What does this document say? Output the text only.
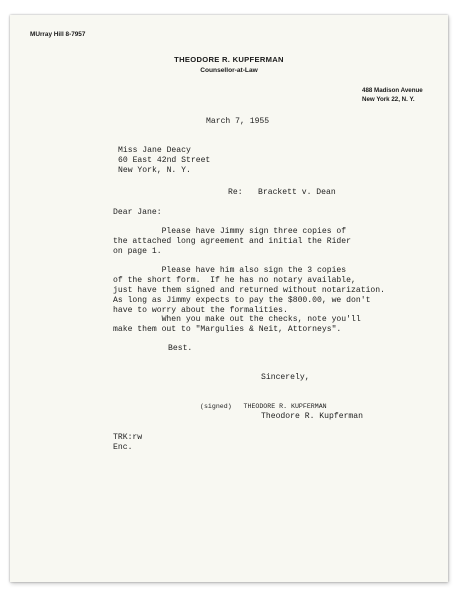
MUrray Hill 8-7957
THEODORE R. KUPFERMAN
Counsellor-at-Law
488 Madison Avenue
New York 22, N. Y.
March 7, 1955
Miss Jane Deacy
60 East 42nd Street
New York, N. Y.
Re: Brackett v. Dean
Dear Jane:
Please have Jimmy sign three copies of
the attached long agreement and initial the Rider
on page 1.
Please have him also sign the 3 copies
of the short form.  If he has no notary available,
just have them signed and returned without notarization.
As long as Jimmy expects to pay the $800.00, we don't
have to worry about the formalities.
When you make out the checks, note you'll
make them out to "Margulies & Neit, Attorneys".
Best.
Sincerely,
(signed)   THEODORE R. KUPFERMAN
Theodore R. Kupferman
TRK:rw
Enc.
